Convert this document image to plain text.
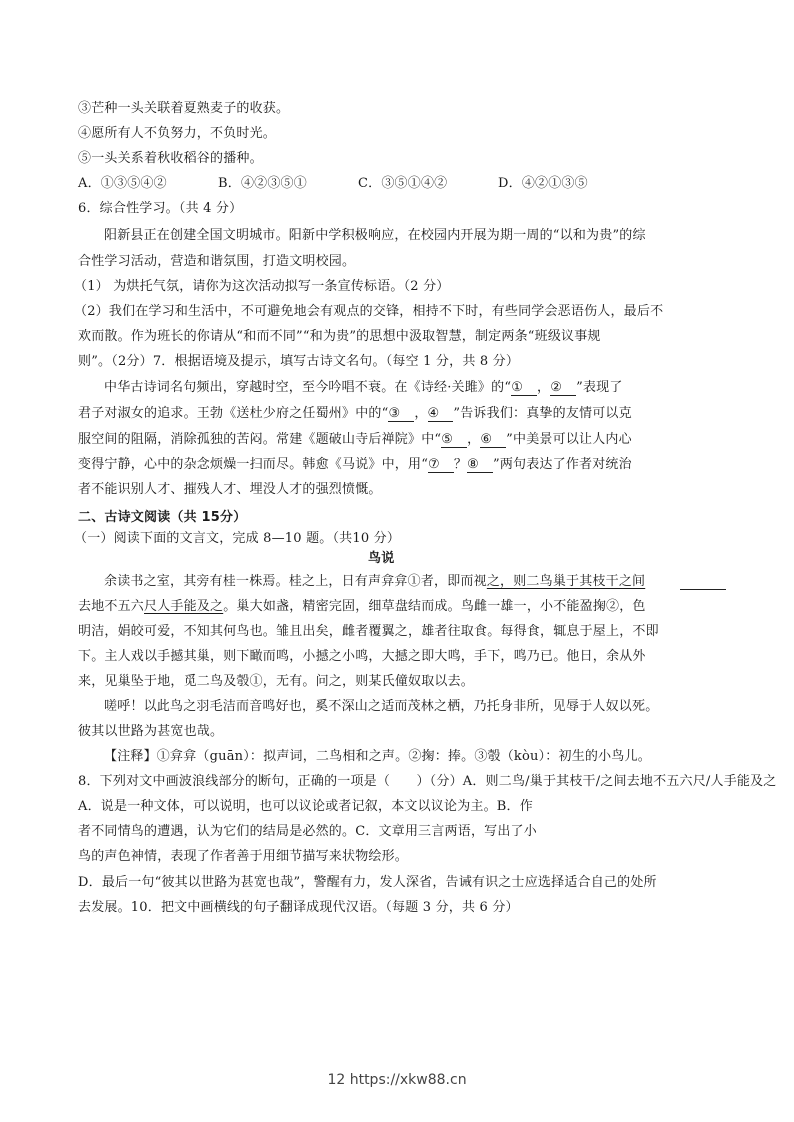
③芒种一头关联着夏熟麦子的收获。
④愿所有人不负努力，不负时光。
⑤一头关系着秋收稻谷的播种。
A．①③⑤④②	B．④②③⑤①	C．③⑤①④②	D．④②①③⑤
6．综合性学习。（共 4 分）
阳新县正在创建全国文明城市。阳新中学积极响应，在校园内开展为期一周的“以和为贵”的综
合性学习活动，营造和谐氛围，打造文明校园。
（1） 为烘托气氛，请你为这次活动拟写一条宣传标语。（2 分）
（2）我们在学习和生活中，不可避免地会有观点的交锋，相持不下时，有些同学会恶语伤人，最后不
欢而散。作为班长的你请从“和而不同”“和为贵”的思想中汲取智慧，制定两条“班级议事规
则”。（2分）7．根据语境及提示，填写古诗文名句。（每空 1 分，共 8 分）
中华古诗词名句频出，穿越时空，至今吟唱不衰。在《诗经·关雎》的“① ，② ”表现了
君子对淑女的追求。王勃《送杜少府之任蜀州》中的“③ ，④ ”告诉我们：真挚的友情可以克
服空间的阻隔，消除孤独的苦闷。常建《题破山寺后禅院》中“⑤ ，⑥ ”中美景可以让人内心
变得宁静，心中的杂念烦燥一扫而尽。韩愈《马说》中，用“⑦ ？⑧ ”两句表达了作者对统治
者不能识别人才、摧残人才、埋没人才的强烈愤慨。
二、古诗文阅读（共 15分）
（一）阅读下面的文言文，完成 8—10 题。（共10 分）
鸟说
余读书之室，其旁有桂一株焉。桂之上，日有声弇弇①者，即而视之，则二鸟巢于其枝干之间
去地不五六尺人手能及之。巢大如盏，精密完固，细草盘结而成。鸟雌一雄一，小不能盈掬②，色
明洁，娟皎可爱，不知其何鸟也。雏且出矣，雌者覆翼之，雄者往取食。每得食，辄息于屋上，不即
下。主人戏以手撼其巢，则下瞰而鸣，小撼之小鸣，大撼之即大鸣，手下，鸣乃已。他日，余从外
来，见巢坠于地，觅二鸟及彀①，无有。问之，则某氏僮奴取以去。
嗟呼！以此鸟之羽毛洁而音鸣好也，奚不深山之适而茂林之栖，乃托身非所，见辱于人奴以死。
彼其以世路为甚宽也哉。
【注释】①弇弇（guān）：拟声词，二鸟相和之声。②掬：捧。③彀（kòu）：初生的小鸟儿。
8．下列对文中画波浪线部分的断句，正确的一项是（　　）（分）A．则二鸟/巢于其枝干/之间去地不五六尺/人手能及之
A．说是一种文体，可以说明，也可以议论或者记叙，本文以议论为主。B．作
者不同情鸟的遭遇，认为它们的结局是必然的。C．文章用三言两语，写出了小
鸟的声色神情，表现了作者善于用细节描写来状物绘形。
D．最后一句“彼其以世路为甚宽也哉”，警醒有力，发人深省，告诫有识之士应选择适合自己的处所
去发展。10．把文中画横线的句子翻译成现代汉语。（每题 3 分，共 6 分）
12 https://xkw88.cn
